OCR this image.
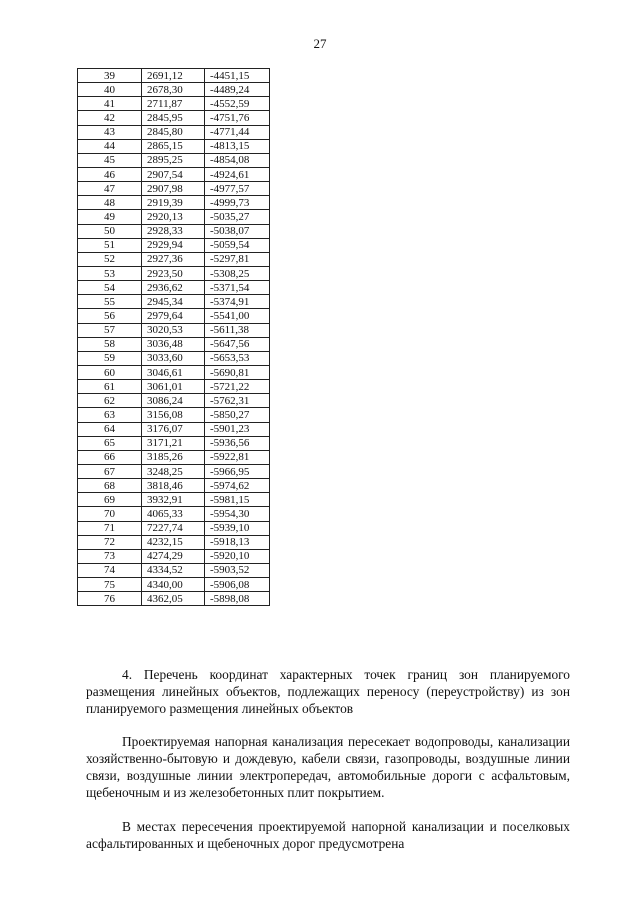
27
39	2691,12	-4451,15
40	2678,30	-4489,24
41	2711,87	-4552,59
42	2845,95	-4751,76
43	2845,80	-4771,44
44	2865,15	-4813,15
45	2895,25	-4854,08
46	2907,54	-4924,61
47	2907,98	-4977,57
48	2919,39	-4999,73
49	2920,13	-5035,27
50	2928,33	-5038,07
51	2929,94	-5059,54
52	2927,36	-5297,81
53	2923,50	-5308,25
54	2936,62	-5371,54
55	2945,34	-5374,91
56	2979,64	-5541,00
57	3020,53	-5611,38
58	3036,48	-5647,56
59	3033,60	-5653,53
60	3046,61	-5690,81
61	3061,01	-5721,22
62	3086,24	-5762,31
63	3156,08	-5850,27
64	3176,07	-5901,23
65	3171,21	-5936,56
66	3185,26	-5922,81
67	3248,25	-5966,95
68	3818,46	-5974,62
69	3932,91	-5981,15
70	4065,33	-5954,30
71	7227,74	-5939,10
72	4232,15	-5918,13
73	4274,29	-5920,10
74	4334,52	-5903,52
75	4340,00	-5906,08
76	4362,05	-5898,08

4. Перечень координат характерных точек границ зон планируемого размещения линейных объектов, подлежащих переносу (переустройству) из зон планируемого размещения линейных объектов

Проектируемая напорная канализация пересекает водопроводы, канализации хозяйственно-бытовую и дождевую, кабели связи, газопроводы, воздушные линии связи, воздушные линии электропередач, автомобильные дороги с асфальтовым, щебеночным и из железобетонных плит покрытием.

В местах пересечения проектируемой напорной канализации и поселковых асфальтированных и щебеночных дорог предусмотрена
